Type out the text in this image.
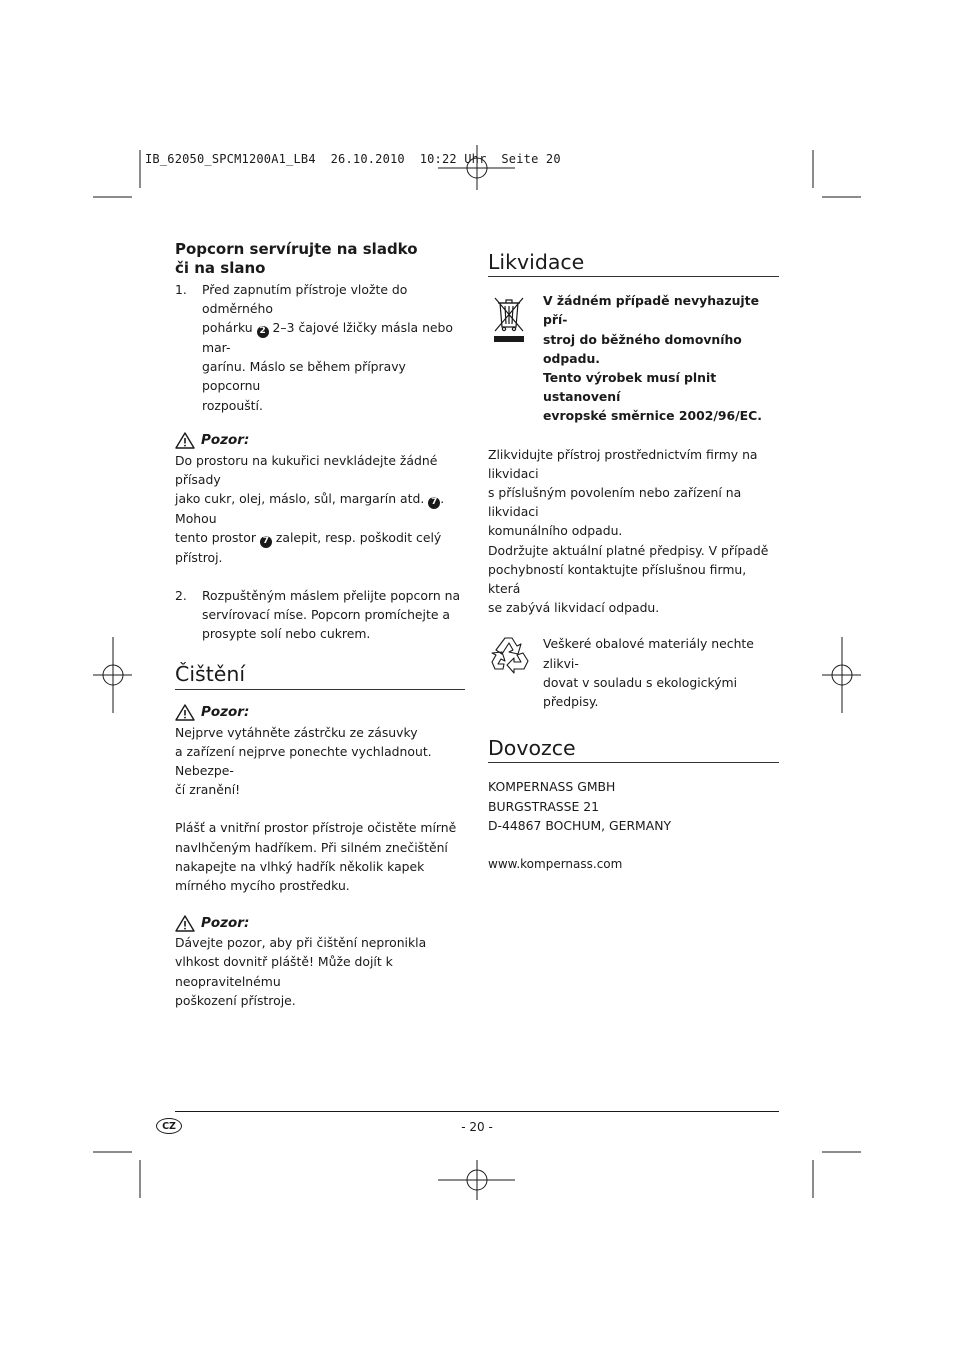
IB_62050_SPCM1200A1_LB4  26.10.2010  10:22 Uhr  Seite 20
Popcorn servírujte na sladko
či na slano
1. Před zapnutím přístroje vložte do odměrného
pohárku 2 2–3 čajové lžičky másla nebo mar-
garínu. Máslo se během přípravy popcornu
rozpouští.
Pozor:
Do prostoru na kukuřici nevkládejte žádné přísady
jako cukr, olej, máslo, sůl, margarín atd. 7 . Mohou
tento prostor 7 zalepit, resp. poškodit celý přístroj.
2. Rozpuštěným máslem přelijte popcorn na
servírovací míse. Popcorn promíchejte a
prosypte solí nebo cukrem.
Čištění
Pozor:
Nejprve vytáhněte zástrčku ze zásuvky
a zařízení nejprve ponechte vychladnout. Nebezpe-
čí zranění!
Plášť a vnitřní prostor přístroje očistěte mírně
navlhčeným hadříkem. Při silném znečištění
nakapejte na vlhký hadřík několik kapek
mírného mycího prostředku.
Pozor:
Dávejte pozor, aby při čištění nepronikla
vlhkost dovnitř pláště! Může dojít k neopravitelnému
poškození přístroje.
Likvidace
V žádném případě nevyhazujte pří-
stroj do běžného domovního odpadu.
Tento výrobek musí plnit ustanovení
evropské směrnice 2002/96/EC.
Zlikvidujte přístroj prostřednictvím firmy na likvidaci
s příslušným povolením nebo zařízení na likvidaci
komunálního odpadu.
Dodržujte aktuální platné předpisy. V případě
pochybností kontaktujte příslušnou firmu, která
se zabývá likvidací odpadu.
Veškeré obalové materiály nechte zlikvi-
dovat v souladu s ekologickými předpisy.
Dovozce
KOMPERNASS GMBH
BURGSTRASSE 21
D-44867 BOCHUM, GERMANY
www.kompernass.com
CZ	- 20 -
